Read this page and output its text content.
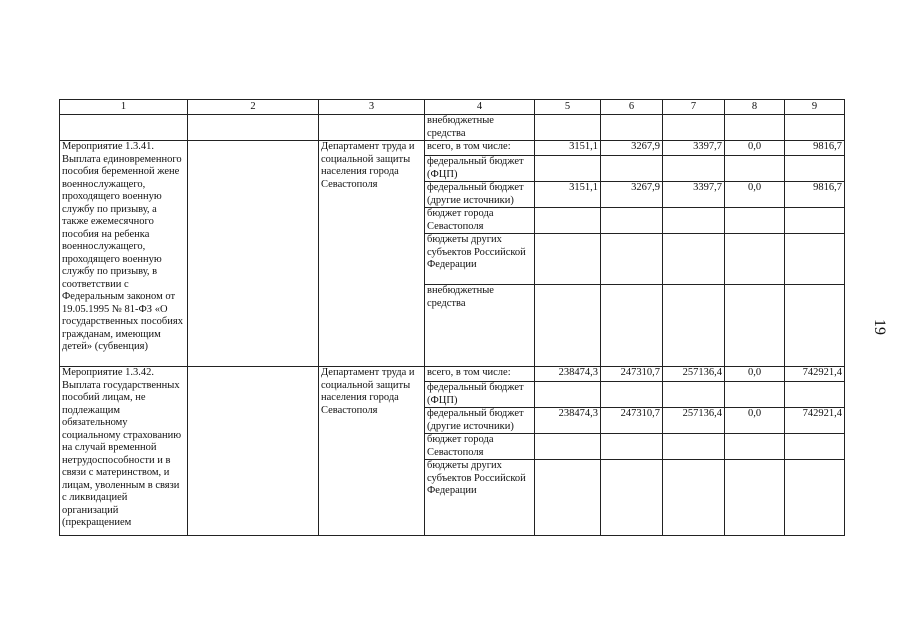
1	2	3	4	5	6	7	8	9
			внебюджетные средства					
Мероприятие 1.3.41. Выплата единовременного пособия беременной жене военнослужащего, проходящего военную службу по призыву, а также ежемесячного пособия на ребенка военнослужащего, проходящего военную службу по призыву, в соответствии с Федеральным законом от 19.05.1995 № 81-ФЗ «О государственных пособиях гражданам, имеющим детей» (субвенция)		Департамент труда и социальной защиты населения города Севастополя	всего, в том числе:	3151,1	3267,9	3397,7	0,0	9816,7
			федеральный бюджет (ФЦП)					
			федеральный бюджет (другие источники)	3151,1	3267,9	3397,7	0,0	9816,7
			бюджет города Севастополя					
			бюджеты других субъектов Российской Федерации					
			внебюджетные средства					
Мероприятие 1.3.42. Выплата государственных пособий лицам, не подлежащим обязательному социальному страхованию на случай временной нетрудоспособности и в связи с материнством, и лицам, уволенным в связи с ликвидацией организаций (прекращением		Департамент труда и социальной защиты населения города Севастополя	всего, в том числе:	238474,3	247310,7	257136,4	0,0	742921,4
			федеральный бюджет (ФЦП)					
			федеральный бюджет (другие источники)	238474,3	247310,7	257136,4	0,0	742921,4
			бюджет города Севастополя					
			бюджеты других субъектов Российской Федерации					
19
